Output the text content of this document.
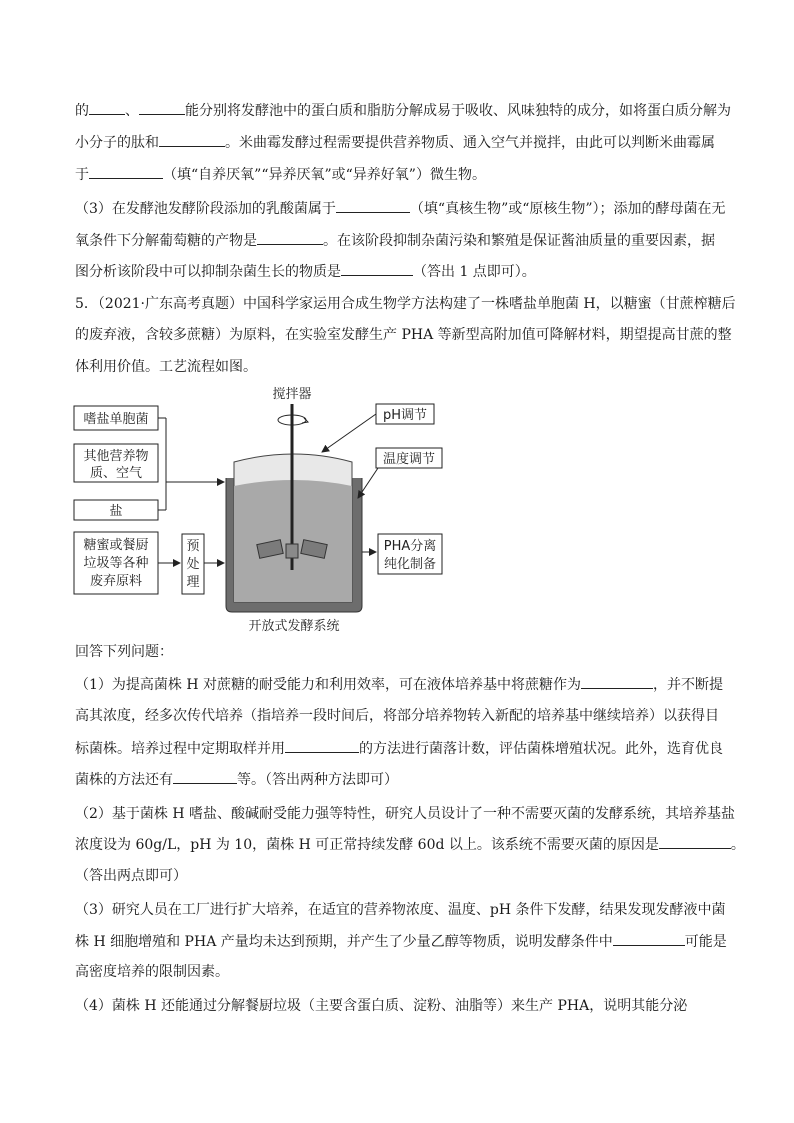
的	、	能分别将发酵池中的蛋白质和脂肪分解成易于吸收、风味独特的成分，如将蛋白质分解为
小分子的肽和	。米曲霉发酵过程需要提供营养物质、通入空气并搅拌，由此可以判断米曲霉属
于	（填“自养厌氧”“异养厌氧”或“异养好氧”）微生物。
（3）在发酵池发酵阶段添加的乳酸菌属于	（填“真核生物”或“原核生物”）；添加的酵母菌在无
氧条件下分解葡萄糖的产物是	。在该阶段抑制杂菌污染和繁殖是保证酱油质量的重要因素，据
图分析该阶段中可以抑制杂菌生长的物质是	（答出 1 点即可）。
5．（2021·广东高考真题）中国科学家运用合成生物学方法构建了一株嗜盐单胞菌 H，以糖蜜（甘蔗榨糖后
的废弃液，含较多蔗糖）为原料，在实验室发酵生产 PHA 等新型高附加值可降解材料，期望提高甘蔗的整
体利用价值。工艺流程如图。
嗜盐单胞菌
其他营养物
质、空气
盐
糖蜜或餐厨
垃圾等各种
废弃原料
预
处
理
搅拌器
pH调节
温度调节
PHA分离
纯化制备
开放式发酵系统
回答下列问题：
（1）为提高菌株 H 对蔗糖的耐受能力和利用效率，可在液体培养基中将蔗糖作为	，并不断提
高其浓度，经多次传代培养（指培养一段时间后，将部分培养物转入新配的培养基中继续培养）以获得目
标菌株。培养过程中定期取样并用	的方法进行菌落计数，评估菌株增殖状况。此外，选育优良
菌株的方法还有	等。（答出两种方法即可）
（2）基于菌株 H 嗜盐、酸碱耐受能力强等特性，研究人员设计了一种不需要灭菌的发酵系统，其培养基盐
浓度设为 60g/L，pH 为 10，菌株 H 可正常持续发酵 60d 以上。该系统不需要灭菌的原因是	。
（答出两点即可）
（3）研究人员在工厂进行扩大培养，在适宜的营养物浓度、温度、pH 条件下发酵，结果发现发酵液中菌
株 H 细胞增殖和 PHA 产量均未达到预期，并产生了少量乙醇等物质，说明发酵条件中	可能是
高密度培养的限制因素。
（4）菌株 H 还能通过分解餐厨垃圾（主要含蛋白质、淀粉、油脂等）来生产 PHA，说明其能分泌
